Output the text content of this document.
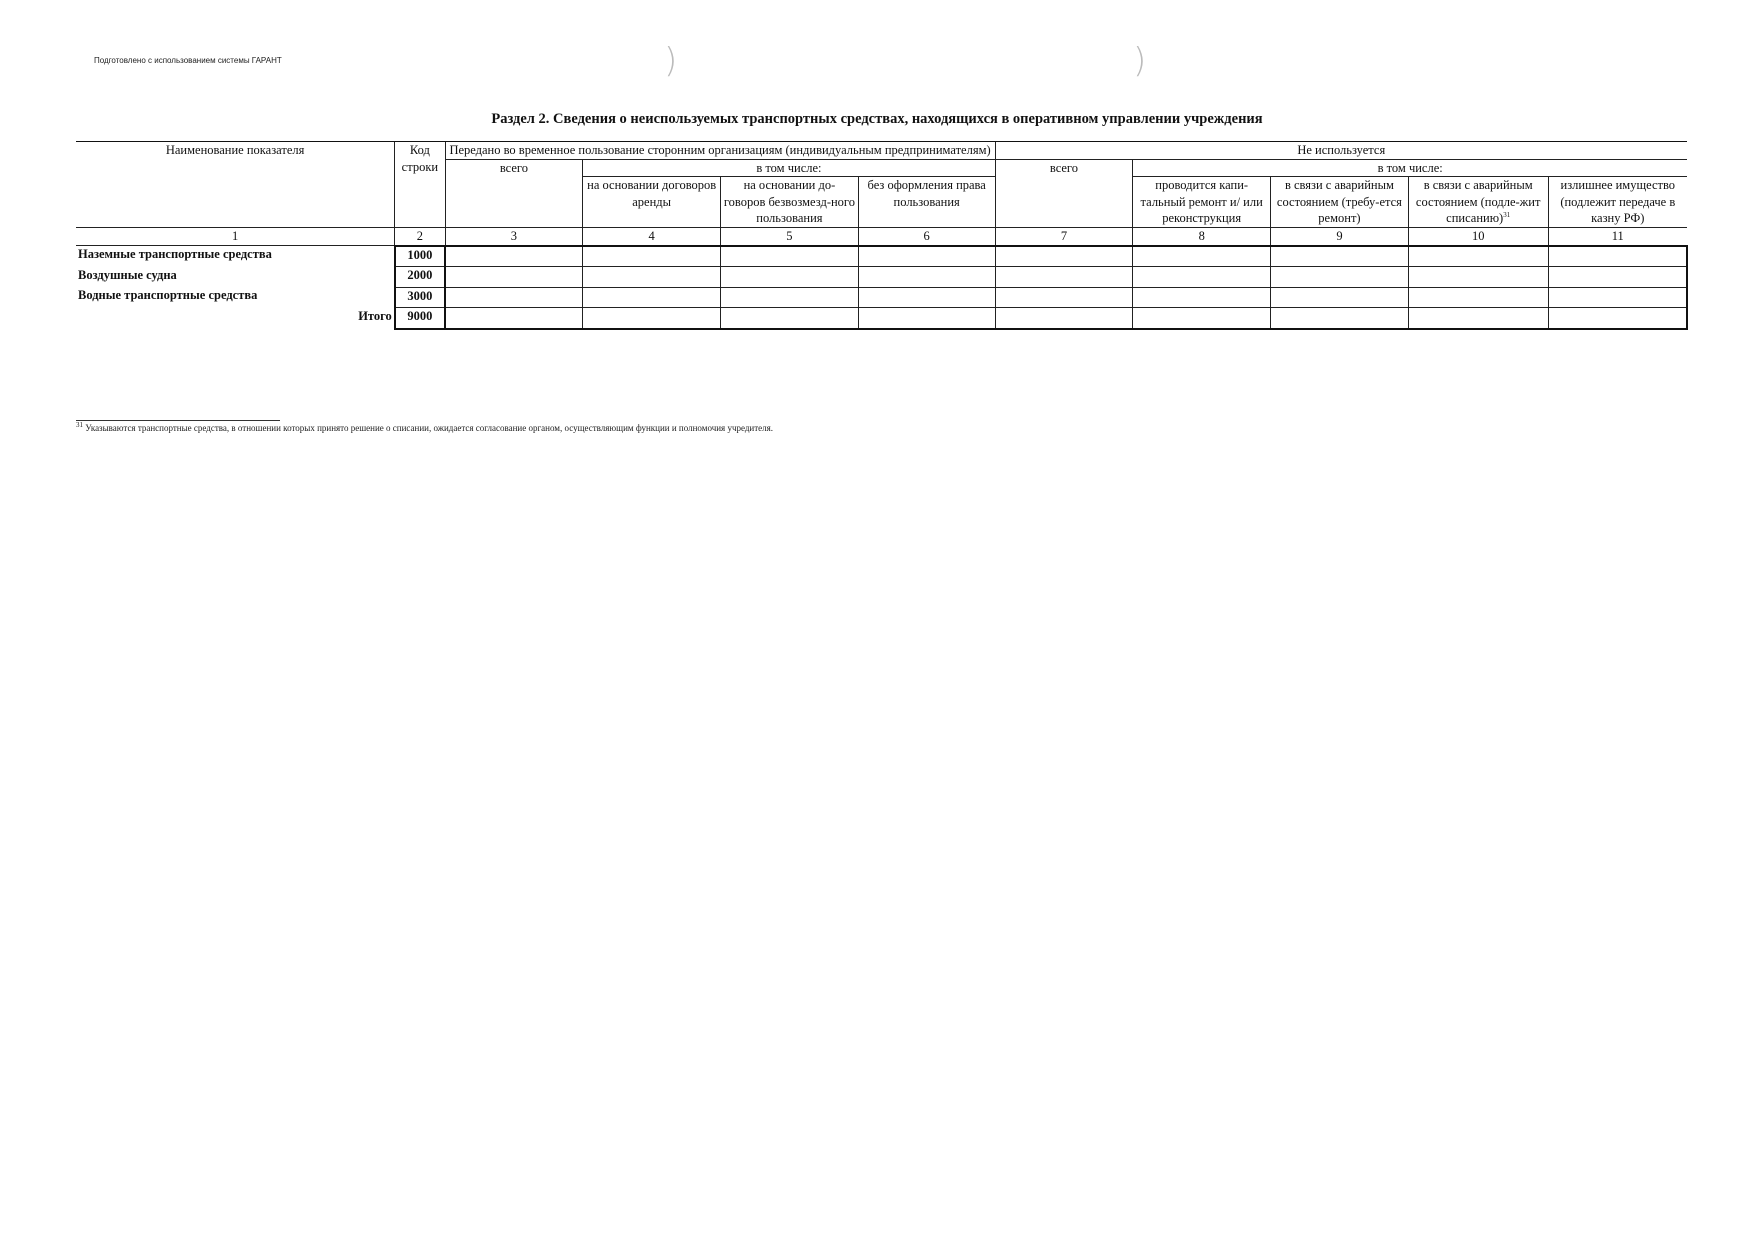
Подготовлено с использованием системы ГАРАНТ	)	)
Раздел 2. Сведения о неиспользуемых транспортных средствах, находящихся в оперативном управлении учреждения
Наименование показателя	Код строки	Передано во временное пользование сторонним организациям (индивидуальным предпринимателям)				Не используется				
		всего	в том числе:			всего	в том числе:			
			на основании договоров аренды	на основании до-говоров безвозмезд-ного пользования	без оформления права пользования		проводится капи-тальный ремонт и/ или реконструкция	в связи с аварийным состоянием (требу-ется ремонт)	в связи с аварийным состоянием (подле-жит списанию)$^{31}$	излишнее имущество (подлежит передаче в казну РФ)
1	2	3	4	5	6	7	8	9	10	11
Наземные транспортные средства	1000									
Воздушные судна	2000									
Водные транспортные средства	3000									
Итого	9000									
$^{31}$ Указываются транспортные средства, в отношении которых принято решение о списании, ожидается согласование органом, осуществляющим функции и полномочия учредителя.
